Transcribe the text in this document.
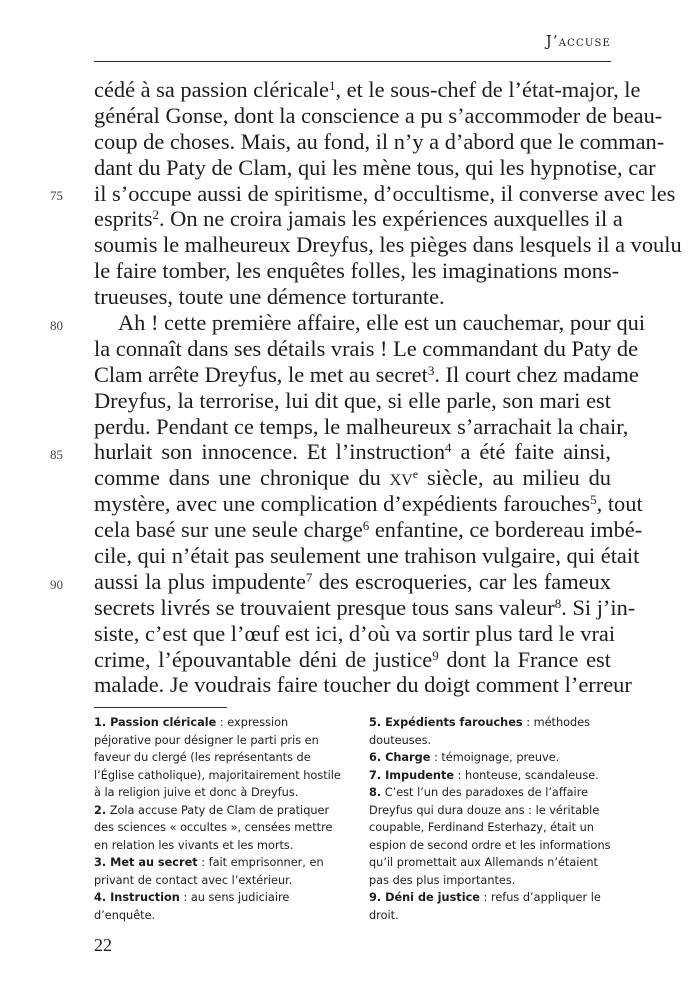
J’accuse
cédé à sa passion cléricale$^1$, et le sous-chef de l’état-major, le
général Gonse, dont la conscience a pu s’accommoder de beau-
coup de choses. Mais, au fond, il n’y a d’abord que le comman-
dant du Paty de Clam, qui les mène tous, qui les hypnotise, car
il s’occupe aussi de spiritisme, d’occultisme, il converse avec les
esprits$^2$. On ne croira jamais les expériences auxquelles il a
soumis le malheureux Dreyfus, les pièges dans lesquels il a voulu
le faire tomber, les enquêtes folles, les imaginations mons-
trueuses, toute une démence torturante.
Ah ! cette première affaire, elle est un cauchemar, pour qui
la connaît dans ses détails vrais ! Le commandant du Paty de
Clam arrête Dreyfus, le met au secret$^3$. Il court chez madame
Dreyfus, la terrorise, lui dit que, si elle parle, son mari est
perdu. Pendant ce temps, le malheureux s’arrachait la chair,
hurlait son innocence. Et l’instruction$^4$ a été faite ainsi,
comme dans une chronique du $xv^e$ siècle, au milieu du
mystère, avec une complication d’expédients farouches$^5$, tout
cela basé sur une seule charge$^6$ enfantine, ce bordereau imbé-
cile, qui n’était pas seulement une trahison vulgaire, qui était
aussi la plus impudente$^7$ des escroqueries, car les fameux
secrets livrés se trouvaient presque tous sans valeur$^8$. Si j’in-
siste, c’est que l’œuf est ici, d’où va sortir plus tard le vrai
crime, l’épouvantable déni de justice$^9$ dont la France est
malade. Je voudrais faire toucher du doigt comment l’erreur
75
80
85
90
1. Passion cléricale : expression péjorative pour désigner le parti pris en faveur du clergé (les représentants de l’Église catholique), majoritairement hostile à la religion juive et donc à Dreyfus.
2. Zola accuse Paty de Clam de pratiquer des sciences « occultes », censées mettre en relation les vivants et les morts.
3. Met au secret : fait emprisonner, en privant de contact avec l’extérieur.
4. Instruction : au sens judiciaire d’enquête.
5. Expédients farouches : méthodes douteuses.
6. Charge : témoignage, preuve.
7. Impudente : honteuse, scandaleuse.
8. C’est l’un des paradoxes de l’affaire Dreyfus qui dura douze ans : le véritable coupable, Ferdinand Esterhazy, était un espion de second ordre et les informations qu’il promettait aux Allemands n’étaient pas des plus importantes.
9. Déni de justice : refus d’appliquer le droit.
22
